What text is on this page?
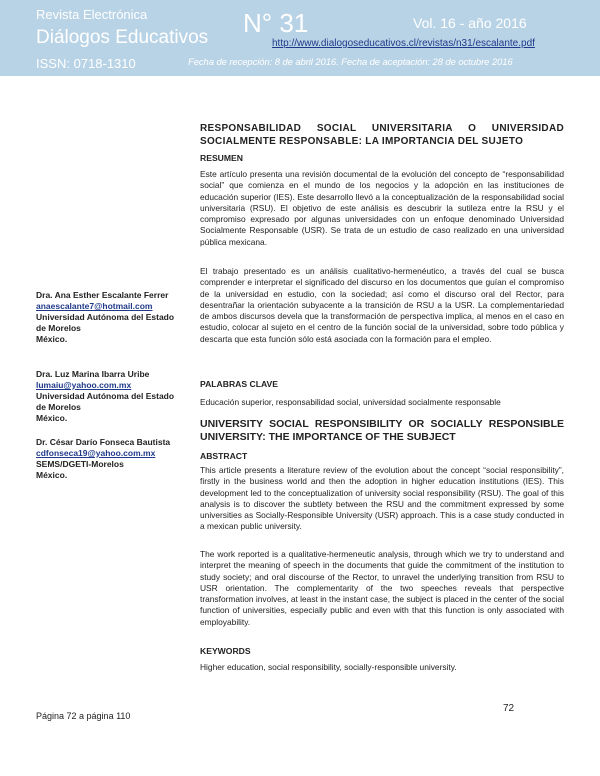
Revista Electrónica

Diálogos Educativos

ISSN: 0718-1310

N° 31	Vol. 16 - año 2016

http://www.dialogoseducativos.cl/revistas/n31/escalante.pdf

Fecha de recepción: 8 de abril 2016. Fecha de aceptación: 28 de octubre 2016

RESPONSABILIDAD SOCIAL UNIVERSITARIA O UNIVERSIDAD SOCIALMENTE RESPONSABLE: LA IMPORTANCIA DEL SUJETO

RESUMEN

Este artículo presenta una revisión documental de la evolución del concepto de “responsabilidad social” que comienza en el mundo de los negocios y la adopción en las instituciones de educación superior (IES). Este desarrollo llevó a la conceptualización de la responsabilidad social universitaria (RSU). El objetivo de este análisis es descubrir la sutileza entre la RSU y el compromiso expresado por algunas universidades con un enfoque denominado Universidad Socialmente Responsable (USR). Se trata de un estudio de caso realizado en una universidad pública mexicana.

El trabajo presentado es un análisis cualitativo-hermenéutico, a través del cual se busca comprender e interpretar el significado del discurso en los documentos que guían el compromiso de la universidad en estudio, con la sociedad; así como el discurso oral del Rector, para desentrañar la orientación subyacente a la transición de RSU a la USR. La complementariedad de ambos discursos devela que la transformación de perspectiva implica, al menos en el caso en estudio, colocar al sujeto en el centro de la función social de la universidad, sobre todo pública y descarta que esta función sólo está asociada con la formación para el empleo.

PALABRAS CLAVE

Educación superior, responsabilidad social, universidad socialmente responsable

UNIVERSITY SOCIAL RESPONSIBILITY OR SOCIALLY RESPONSIBLE UNIVERSITY: THE IMPORTANCE OF THE SUBJECT

ABSTRACT

This article presents a literature review of the evolution about the concept “social responsibility”, firstly in the business world and then the adoption in higher education institutions (IES). This development led to the conceptualization of university social responsibility (RSU). The goal of this analysis is to discover the subtlety between the RSU and the commitment expressed by some universities as Socially-Responsible University (USR) approach. This is a case study conducted in a mexican public university.

The work reported is a qualitative-hermeneutic analysis, through which we try to understand and interpret the meaning of speech in the documents that guide the commitment of the institution to study society; and oral discourse of the Rector, to unravel the underlying transition from RSU to USR orientation. The complementarity of the two speeches reveals that perspective transformation involves, at least in the instant case, the subject is placed in the center of the social function of universities, especially public and even with that this function is only associated with employability.

KEYWORDS

Higher education, social responsibility, socially-responsible university.

Dra. Ana Esther Escalante Ferrer
anaescalante7@hotmail.com
Universidad Autónoma del Estado de Morelos
México.
Dra. Luz Marina Ibarra Uribe
lumaiu@yahoo.com.mx
Universidad Autónoma del Estado de Morelos
México.
Dr. César Darío Fonseca Bautista
cdfonseca19@yahoo.com.mx
SEMS/DGETI-Morelos
México.

Página 72 a página 110

72
